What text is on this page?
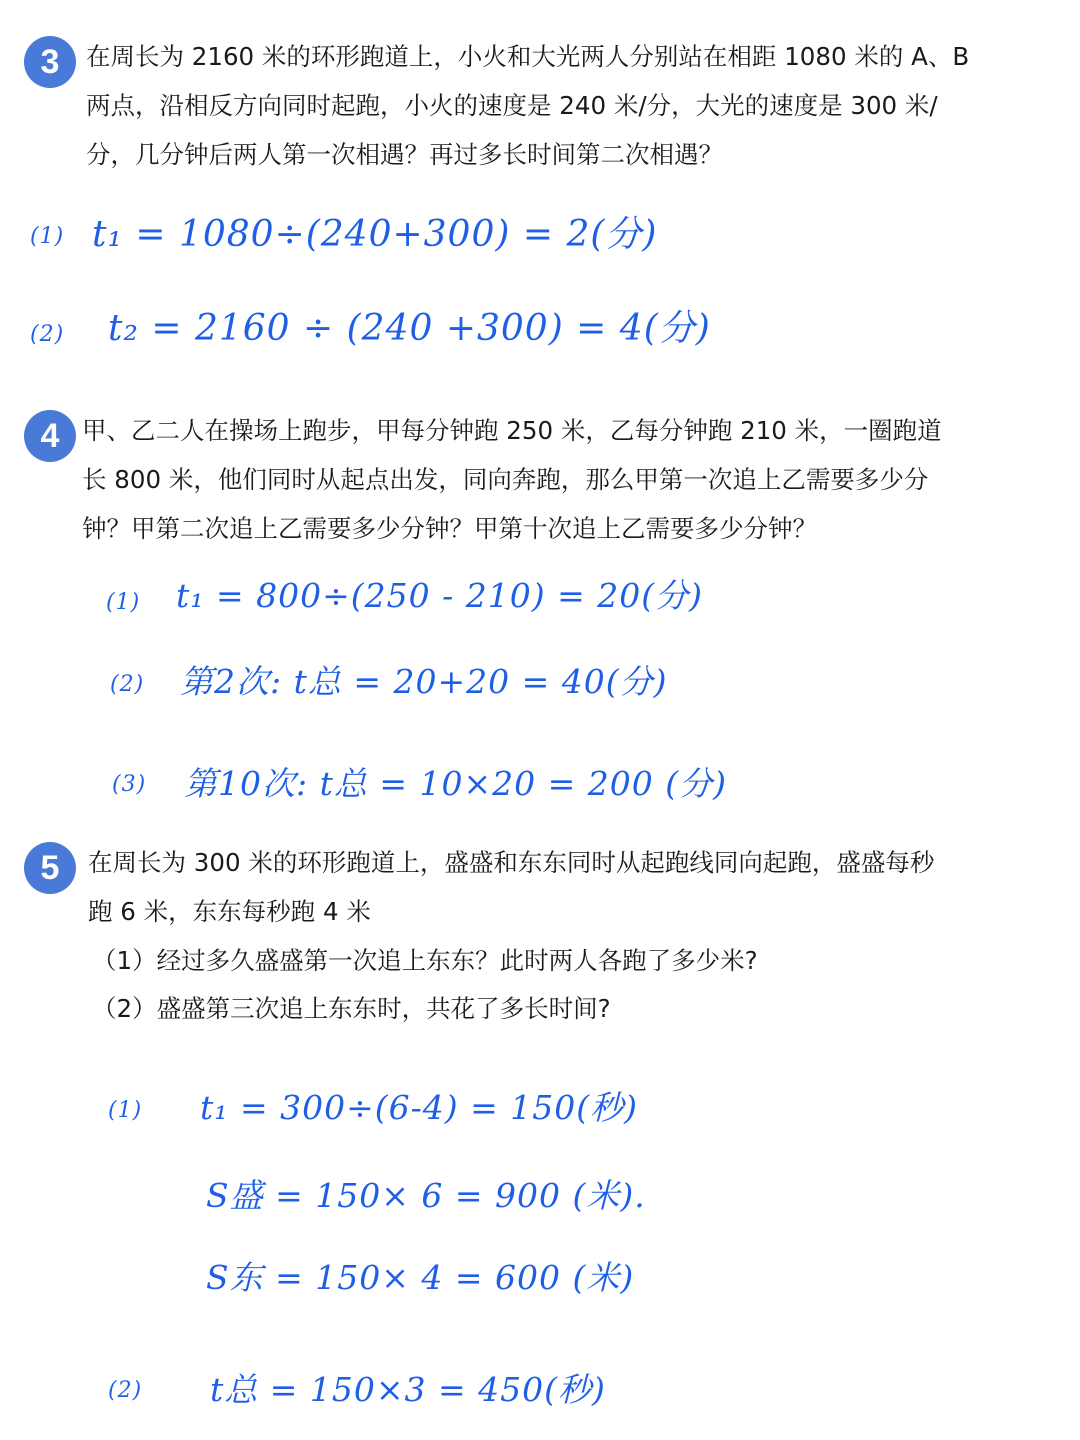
3	在周长为 2160 米的环形跑道上，小火和大光两人分别站在相距 1080 米的 A、B
两点，沿相反方向同时起跑，小火的速度是 240 米/分，大光的速度是 300 米/
分，几分钟后两人第一次相遇？再过多长时间第二次相遇？
(1) t₁ = 1080÷(240+300) = 2(分)
(2) t₂ = 2160 ÷ (240 +300) = 4(分)
4 甲、乙二人在操场上跑步，甲每分钟跑 250 米，乙每分钟跑 210 米，一圈跑道
长 800 米，他们同时从起点出发，同向奔跑，那么甲第一次追上乙需要多少分
钟？甲第二次追上乙需要多少分钟？甲第十次追上乙需要多少分钟？
(1) t₁ = 800÷(250 - 210) = 20(分)
(2) 第2次: t总 = 20+20 = 40(分)
(3) 第10次: t总 = 10×20 = 200 (分)
5	在周长为 300 米的环形跑道上，盛盛和东东同时从起跑线同向起跑，盛盛每秒
跑 6 米，东东每秒跑 4 米
（1）经过多久盛盛第一次追上东东？此时两人各跑了多少米?
（2）盛盛第三次追上东东时，共花了多长时间?
(1) t₁ = 300÷(6-4) = 150(秒)
S盛 = 150× 6 = 900 (米).
S东 = 150× 4 = 600 (米)
(2) t总 = 150×3 = 450(秒)
